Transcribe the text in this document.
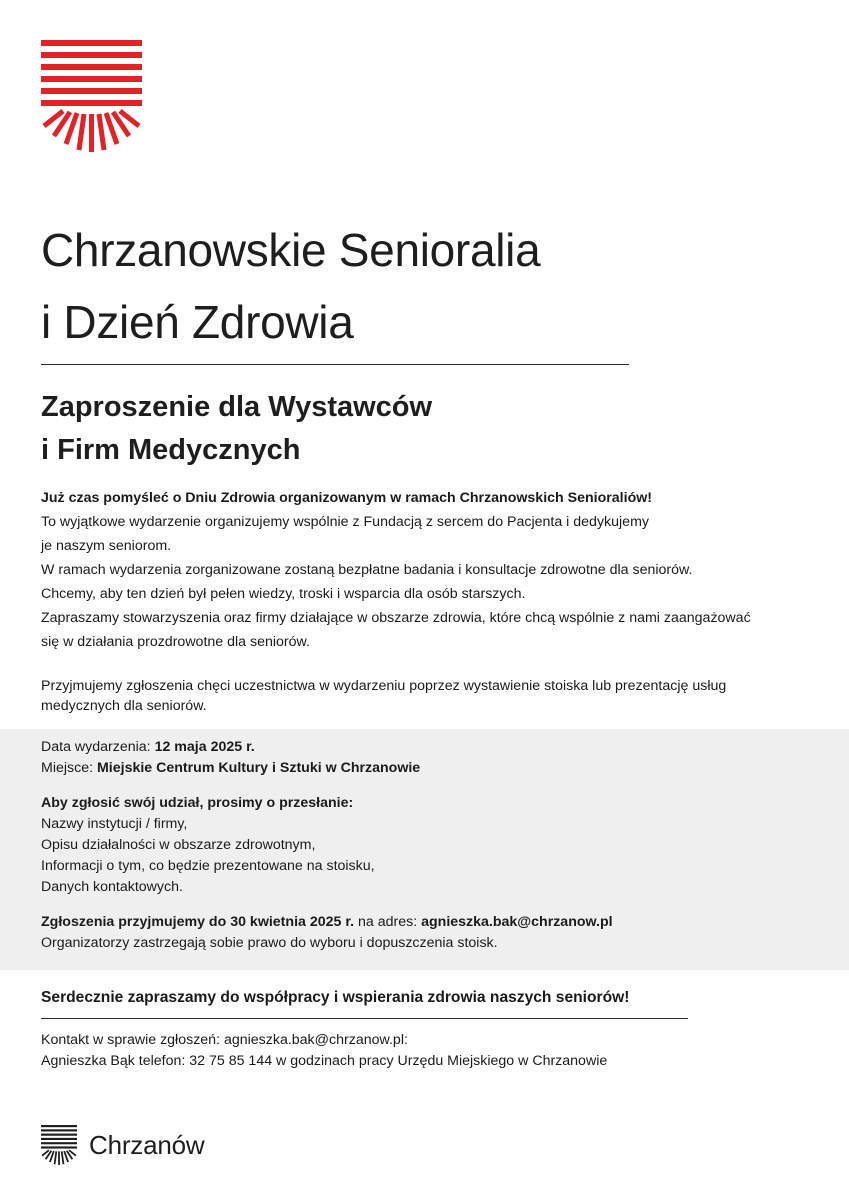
Chrzanowskie Senioralia
i Dzień Zdrowia
Zaproszenie dla Wystawców
i Firm Medycznych

Już czas pomyśleć o Dniu Zdrowia organizowanym w ramach Chrzanowskich Senioraliów!

To wyjątkowe wydarzenie organizujemy wspólnie z Fundacją z sercem do Pacjenta i dedykujemy

je naszym seniorom.

W ramach wydarzenia zorganizowane zostaną bezpłatne badania i konsultacje zdrowotne dla seniorów.

Chcemy, aby ten dzień był pełen wiedzy, troski i wsparcia dla osób starszych.

Zapraszamy stowarzyszenia oraz firmy działające w obszarze zdrowia, które chcą wspólnie z nami zaangażować

się w działania prozdrowotne dla seniorów.

Przyjmujemy zgłoszenia chęci uczestnictwa w wydarzeniu poprzez wystawienie stoiska lub prezentację usług

medycznych dla seniorów.

Data wydarzenia: 12 maja 2025 r.

Miejsce: Miejskie Centrum Kultury i Sztuki w Chrzanowie

Aby zgłosić swój udział, prosimy o przesłanie:

Nazwy instytucji / firmy,

Opisu działalności w obszarze zdrowotnym,

Informacji o tym, co będzie prezentowane na stoisku,

Danych kontaktowych.

Zgłoszenia przyjmujemy do 30 kwietnia 2025 r. na adres: agnieszka.bak@chrzanow.pl

Organizatorzy zastrzegają sobie prawo do wyboru i dopuszczenia stoisk.

Serdecznie zapraszamy do współpracy i wspierania zdrowia naszych seniorów!

Kontakt w sprawie zgłoszeń: agnieszka.bak@chrzanow.pl:

Agnieszka Bąk telefon: 32 75 85 144 w godzinach pracy Urzędu Miejskiego w Chrzanowie

Chrzanów
